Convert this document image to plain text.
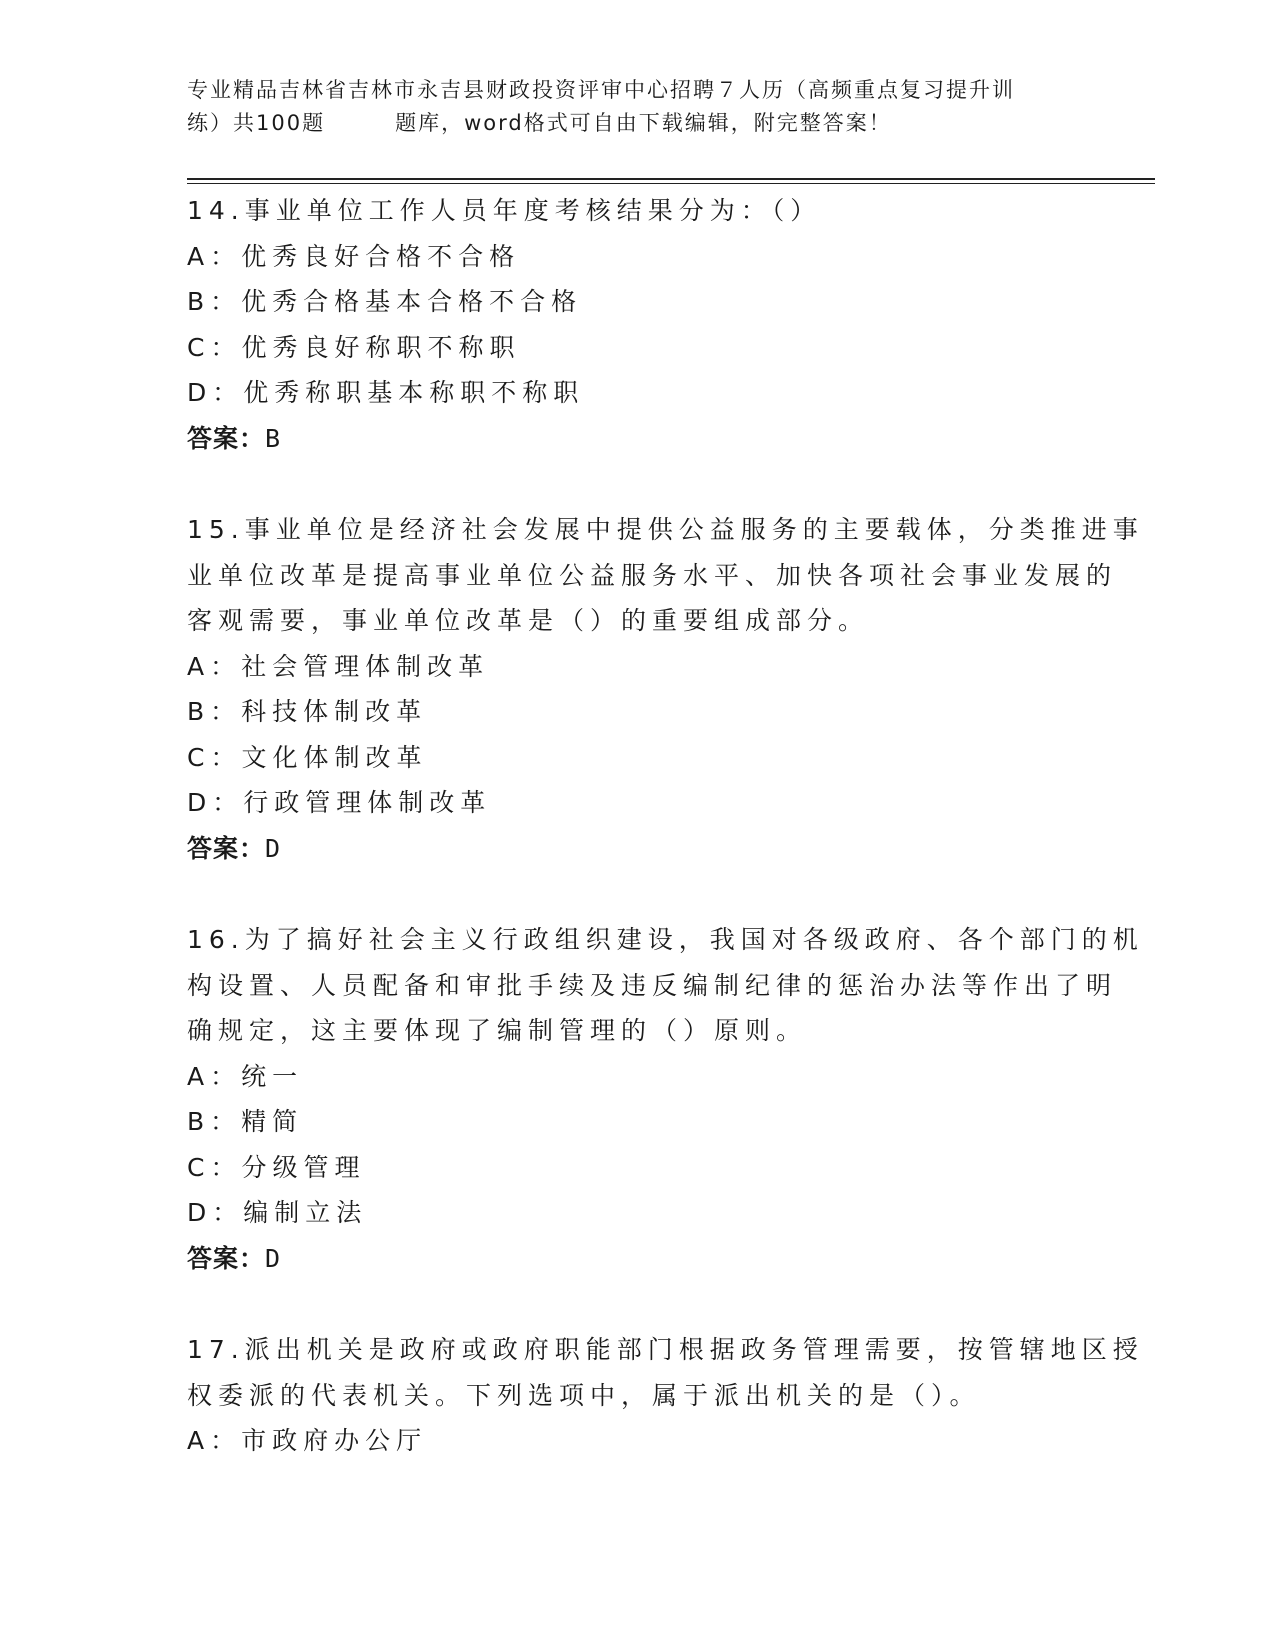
专业精品吉林省吉林市永吉县财政投资评审中心招聘７人历（高频重点复习提升训
练）共100题	题库，word格式可自由下载编辑，附完整答案！
14.事业单位工作人员年度考核结果分为：（）
A：优秀良好合格不合格
B：优秀合格基本合格不合格
C：优秀良好称职不称职
D：优秀称职基本称职不称职
答案：B
15.事业单位是经济社会发展中提供公益服务的主要载体，分类推进事
业单位改革是提高事业单位公益服务水平、加快各项社会事业发展的
客观需要，事业单位改革是（）的重要组成部分。
A：社会管理体制改革
B：科技体制改革
C：文化体制改革
D：行政管理体制改革
答案：D
16.为了搞好社会主义行政组织建设，我国对各级政府、各个部门的机
构设置、人员配备和审批手续及违反编制纪律的惩治办法等作出了明
确规定，这主要体现了编制管理的（）原则。
A：统一
B：精简
C：分级管理
D：编制立法
答案：D
17.派出机关是政府或政府职能部门根据政务管理需要，按管辖地区授
权委派的代表机关。下列选项中，属于派出机关的是（）。
A：市政府办公厅
